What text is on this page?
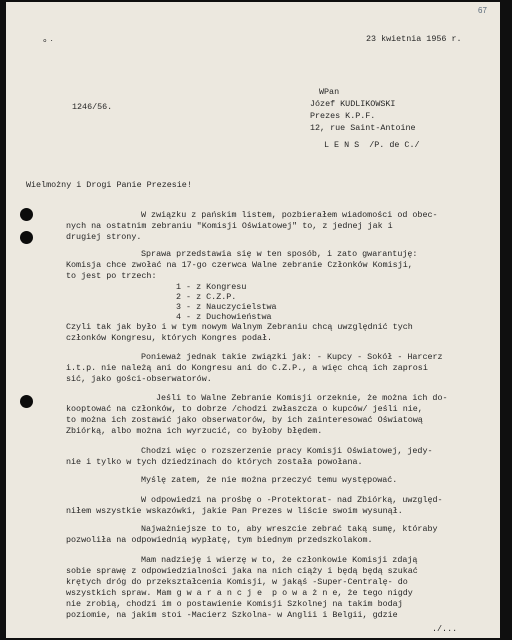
67
∘ ·	23 kwietnia 1956 r.
1246/56.
WPan
Józef KUDLIKOWSKI
Prezes K.P.F.
12, rue Saint-Antoine
L E N S  /P. de C./
Wielmożny i Drogi Panie Prezesie!
W związku z pańskim listem, pozbierałem wiadomości od obec-
nych na ostatnim zebraniu "Komisji Oświatowej" to, z jednej jak i
drugiej strony.
Sprawa przedstawia się w ten sposób, i zato gwarantuję:
Komisja chce zwołać na 17-go czerwca Walne zebranie Członków Komisji,
to jest po trzech:
1 - z Kongresu
2 - z C.Z.P.
3 - z Nauczycielstwa
4 - z Duchowieństwa
Czyli tak jak było i w tym nowym Walnym Zebraniu chcą uwzględnić tych
członków Kongresu, których Kongres podał.
Ponieważ jednak takie związki jak: - Kupcy - Sokół - Harcerz
i.t.p. nie należą ani do Kongresu ani do C.Z.P., a więc chcą ich zaprosi
sić, jako gości-obserwatorów.
Jeśli to Walne Zebranie Komisji orzeknie, że można ich do-
kooptować na członków, to dobrze /chodzi zwłaszcza o kupców/ jeśli nie,
to można ich zostawić jako obserwatorów, by ich zainteresować Oświatową
Zbiórką, albo można ich wyrzucić, co byłoby błędem.
Chodzi więc o rozszerzenie pracy Komisji Oświatowej, jedy-
nie i tylko w tych dziedzinach do których została powołana.
Myślę zatem, że nie można przeczyć temu występować.
W odpowiedzi na prośbę o -Protektorat- nad Zbiórką, uwzględ-
niłem wszystkie wskazówki, jakie Pan Prezes w liście swoim wysunął.
Najważniejsze to to, aby wreszcie zebrać taką sumę, któraby
pozwoliła na odpowiednią wypłatę, tym biednym przedszkolakom.
Mam nadzieję i wierzę w to, że członkowie Komisji zdają
sobie sprawę z odpowiedzialności jaka na nich ciąży i będą będą szukać
krętych dróg do przekształcenia Komisji, w jakąś -Super-Centralę- do
wszystkich spraw. Mam g w a r a n c j e  p o w a ż n e, że tego nigdy
nie zrobią, chodzi im o postawienie Komisji Szkolnej na takim bodaj
poziomie, na jakim stoi -Macierz Szkolna- w Anglii i Belgii, gdzie
./...
